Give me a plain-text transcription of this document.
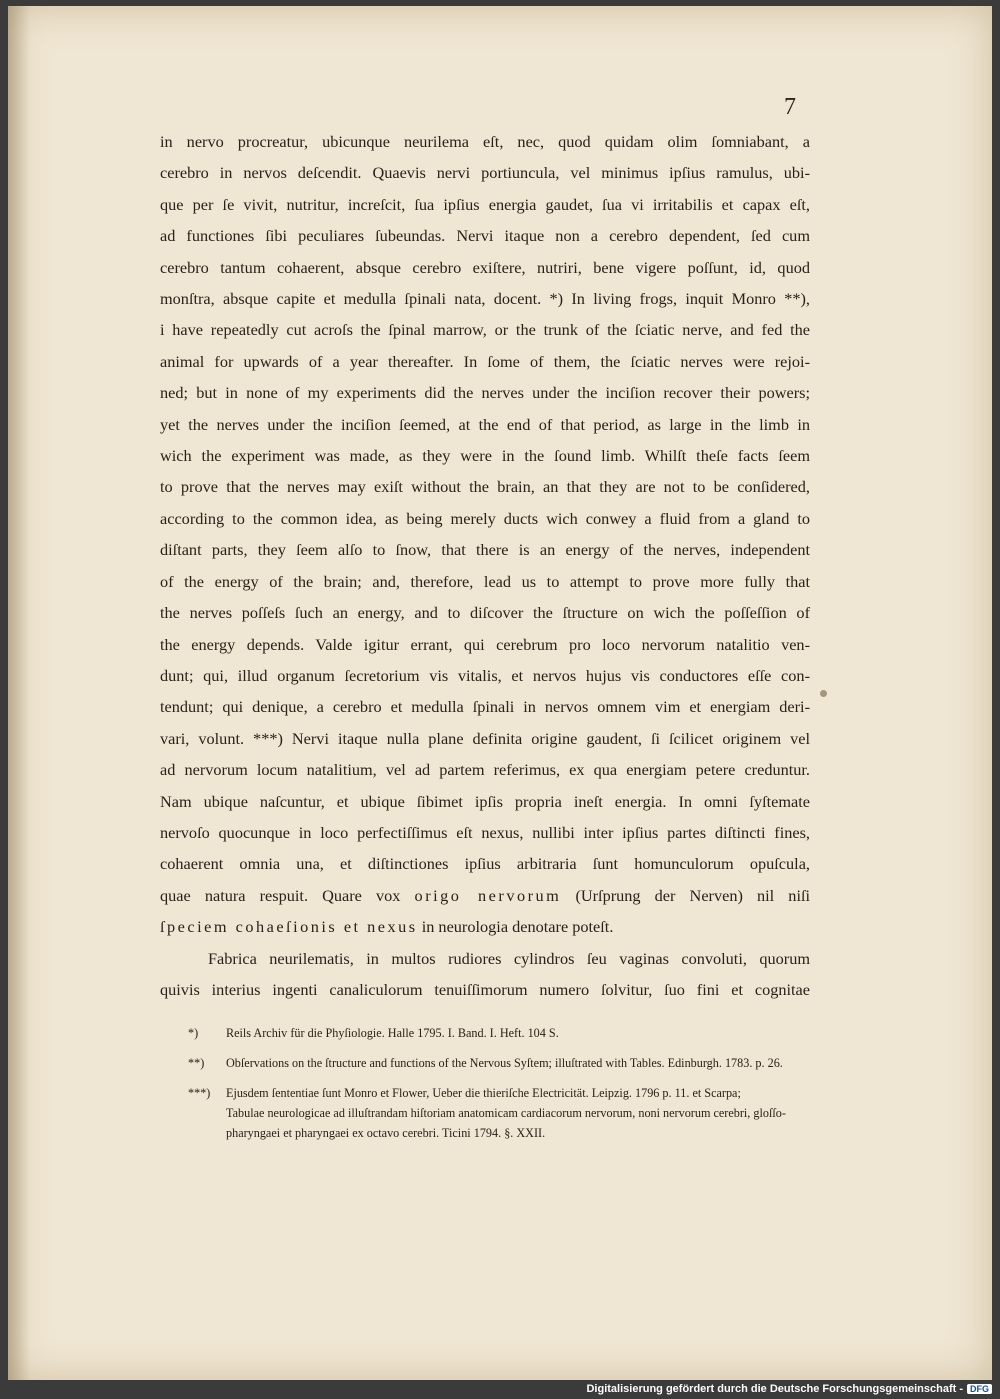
7
in nervo procreatur, ubicunque neurilema eſt, nec, quod quidam olim ſomniabant, a
cerebro in nervos deſcendit. Quaevis nervi portiuncula, vel minimus ipſius ramulus, ubi-
que per ſe vivit, nutritur, increſcit, ſua ipſius energia gaudet, ſua vi irritabilis et capax eſt,
ad functiones ſibi peculiares ſubeundas. Nervi itaque non a cerebro dependent, ſed cum
cerebro tantum cohaerent, absque cerebro exiſtere, nutriri, bene vigere poſſunt, id, quod
monſtra, absque capite et medulla ſpinali nata, docent. *) In living frogs, inquit Monro **),
i have repeatedly cut acroſs the ſpinal marrow, or the trunk of the ſciatic nerve, and fed the
animal for upwards of a year thereafter. In ſome of them, the ſciatic nerves were rejoi-
ned; but in none of my experiments did the nerves under the inciſion recover their powers;
yet the nerves under the inciſion ſeemed, at the end of that period, as large in the limb in
wich the experiment was made, as they were in the ſound limb. Whilſt theſe facts ſeem
to prove that the nerves may exiſt without the brain, an that they are not to be conſidered,
according to the common idea, as being merely ducts wich conwey a fluid from a gland to
diſtant parts, they ſeem alſo to ſnow, that there is an energy of the nerves, independent
of the energy of the brain; and, therefore, lead us to attempt to prove more fully that
the nerves poſſeſs ſuch an energy, and to diſcover the ſtructure on wich the poſſeſſion of
the energy depends. Valde igitur errant, qui cerebrum pro loco nervorum natalitio ven-
dunt; qui, illud organum ſecretorium vis vitalis, et nervos hujus vis conductores eſſe con-
tendunt; qui denique, a cerebro et medulla ſpinali in nervos omnem vim et energiam deri-
vari, volunt. ***) Nervi itaque nulla plane definita origine gaudent, ſi ſcilicet originem vel
ad nervorum locum natalitium, vel ad partem referimus, ex qua energiam petere creduntur.
Nam ubique naſcuntur, et ubique ſibimet ipſis propria ineſt energia. In omni ſyſtemate
nervoſo quocunque in loco perfectiſſimus eſt nexus, nullibi inter ipſius partes diſtincti fines,
cohaerent omnia una, et diſtinctiones ipſius arbitraria ſunt homunculorum opuſcula,
quae natura respuit. Quare vox origo nervorum (Urſprung der Nerven) nil niſi
ſpeciem cohaeſionis et nexus in neurologia denotare poteſt.
Fabrica neurilematis, in multos rudiores cylindros ſeu vaginas convoluti, quorum
quivis interius ingenti canaliculorum tenuiſſimorum numero ſolvitur, ſuo fini et cognitae
*)	Reils Archiv für die Phyſiologie. Halle 1795. I. Band. I. Heft. 104 S.
**)	Obſervations on the ſtructure and functions of the Nervous Syſtem; illuſtrated with Tables. Edinburgh. 1783. p. 26.
***)	Ejusdem ſententiae ſunt Monro et Flower, Ueber die thieriſche Electricität. Leipzig. 1796 p. 11. et Scarpa;
Tabulae neurologicae ad illuſtrandam hiſtoriam anatomicam cardiacorum nervorum, noni nervorum cerebri, gloſſo-
pharyngaei et pharyngaei ex octavo cerebri. Ticini 1794. §. XXII.
Digitalisierung gefördert durch die Deutsche Forschungsgemeinschaft - DFG
